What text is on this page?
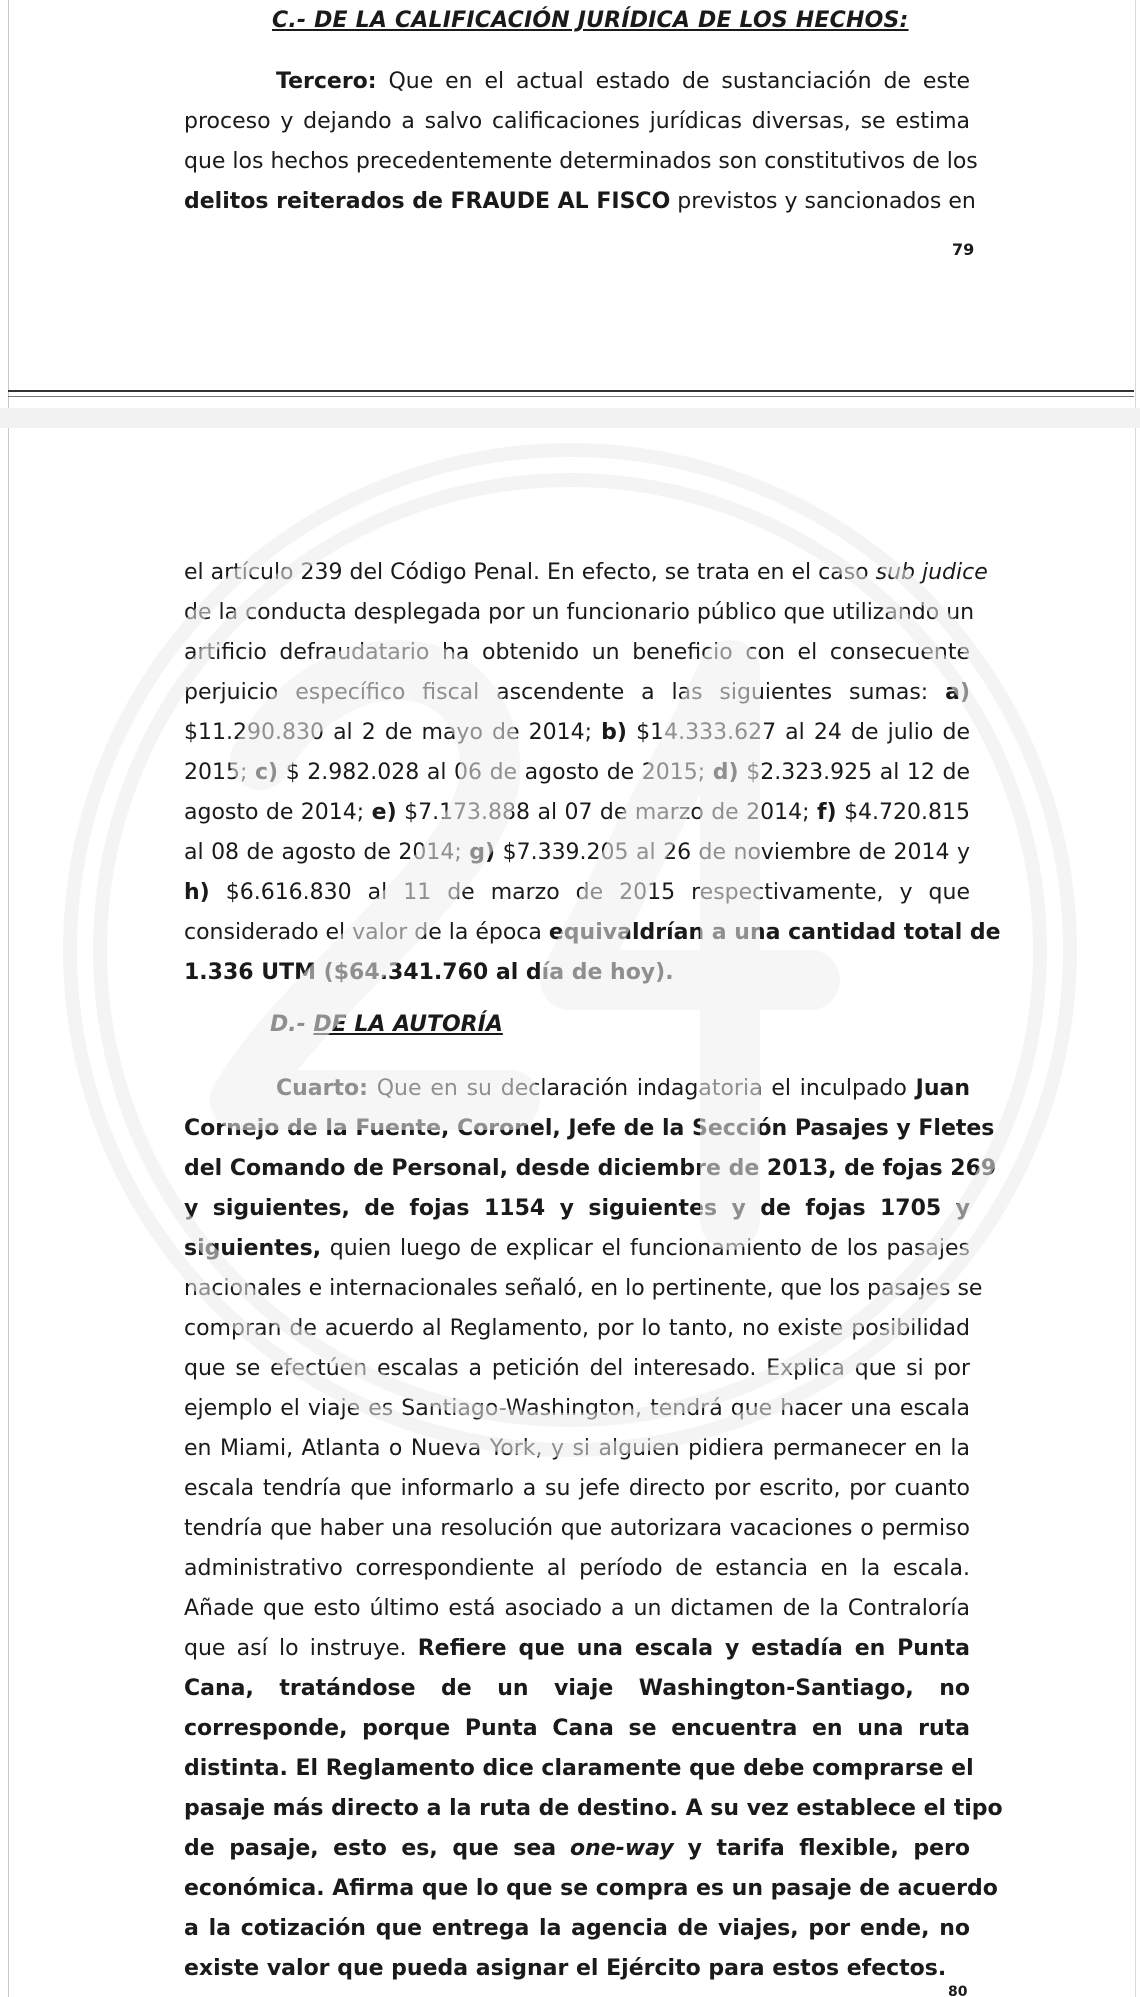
C.- DE LA CALIFICACIÓN JURÍDICA DE LOS HECHOS:
Tercero: Que en el actual estado de sustanciación de este
proceso y dejando a salvo calificaciones jurídicas diversas, se estima
que los hechos precedentemente determinados son constitutivos de los
delitos reiterados de FRAUDE AL FISCO previstos y sancionados en
79
el artículo 239 del Código Penal. En efecto, se trata en el caso sub judice
de la conducta desplegada por un funcionario público que utilizando un
artificio defraudatario ha obtenido un beneficio con el consecuente
perjuicio específico fiscal ascendente a las siguientes sumas: a)
$11.290.830 al 2 de mayo de 2014; b) $14.333.627 al 24 de julio de
2015; c) $ 2.982.028 al 06 de agosto de 2015; d) $2.323.925 al 12 de
agosto de 2014; e) $7.173.888 al 07 de marzo de 2014; f) $4.720.815
al 08 de agosto de 2014; g) $7.339.205 al 26 de noviembre de 2014 y
h) $6.616.830 al 11 de marzo de 2015 respectivamente, y que
considerado el valor de la época equivaldrían a una cantidad total de
1.336 UTM ($64.341.760 al día de hoy).
D.- DE LA AUTORÍA
Cuarto: Que en su declaración indagatoria el inculpado Juan
Cornejo de la Fuente, Coronel, Jefe de la Sección Pasajes y Fletes
del Comando de Personal, desde diciembre de 2013, de fojas 269
y siguientes, de fojas 1154 y siguientes y de fojas 1705 y
siguientes, quien luego de explicar el funcionamiento de los pasajes
nacionales e internacionales señaló, en lo pertinente, que los pasajes se
compran de acuerdo al Reglamento, por lo tanto, no existe posibilidad
que se efectúen escalas a petición del interesado. Explica que si por
ejemplo el viaje es Santiago-Washington, tendrá que hacer una escala
en Miami, Atlanta o Nueva York, y si alguien pidiera permanecer en la
escala tendría que informarlo a su jefe directo por escrito, por cuanto
tendría que haber una resolución que autorizara vacaciones o permiso
administrativo correspondiente al período de estancia en la escala.
Añade que esto último está asociado a un dictamen de la Contraloría
que así lo instruye. Refiere que una escala y estadía en Punta
Cana, tratándose de un viaje Washington-Santiago, no
corresponde, porque Punta Cana se encuentra en una ruta
distinta. El Reglamento dice claramente que debe comprarse el
pasaje más directo a la ruta de destino. A su vez establece el tipo
de pasaje, esto es, que sea one-way y tarifa flexible, pero
económica. Afirma que lo que se compra es un pasaje de acuerdo
a la cotización que entrega la agencia de viajes, por ende, no
existe valor que pueda asignar el Ejército para estos efectos.
80
